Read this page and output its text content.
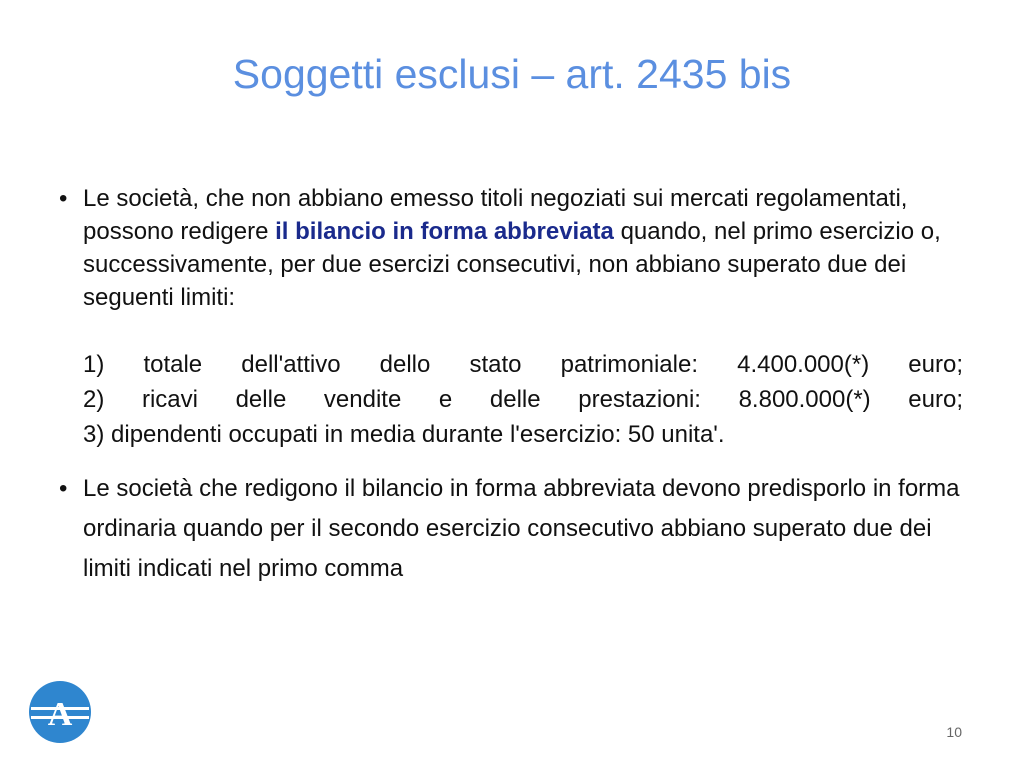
Soggetti esclusi – art. 2435 bis
• Le società, che non abbiano emesso titoli negoziati sui mercati regolamentati, possono redigere il bilancio in forma abbreviata quando, nel primo esercizio o, successivamente, per due esercizi consecutivi, non abbiano superato due dei seguenti limiti:

1) totale dell'attivo dello stato patrimoniale: 4.400.000(*) euro;
2) ricavi delle vendite e delle prestazioni: 8.800.000(*) euro;
3) dipendenti occupati in media durante l'esercizio: 50 unita'.
• Le società che redigono il bilancio in forma abbreviata devono predisporlo in forma ordinaria quando per il secondo esercizio consecutivo abbiano superato due dei limiti indicati nel primo comma
A	10
